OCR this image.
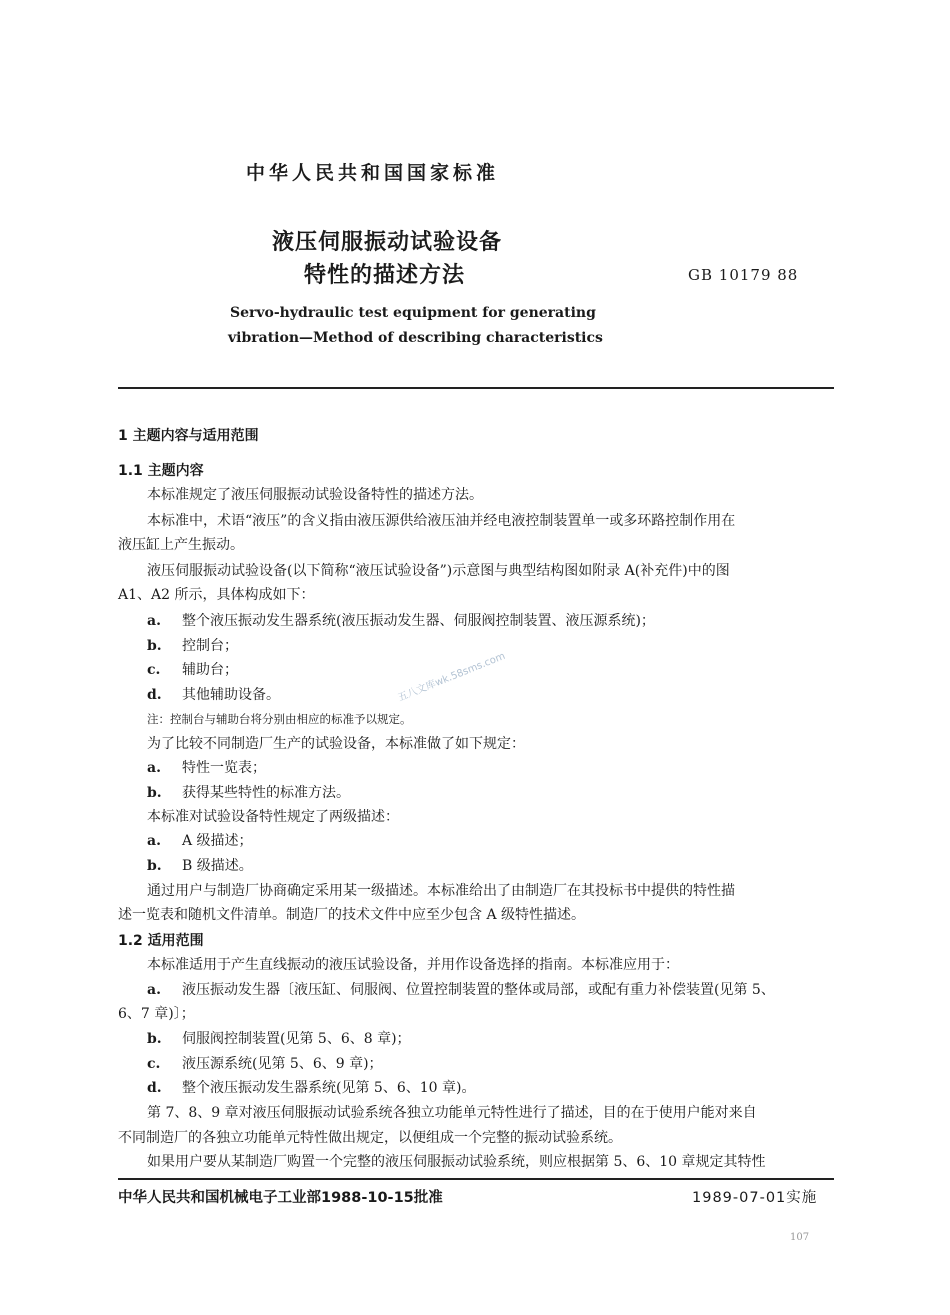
中华人民共和国国家标准
液压伺服振动试验设备
特性的描述方法	GB 10179 88
Servo-hydraulic test equipment for generating
vibration—Method of describing characteristics
1 主题内容与适用范围
1.1 主题内容
本标准规定了液压伺服振动试验设备特性的描述方法。
本标准中，术语“液压”的含义指由液压源供给液压油并经电液控制装置单一或多环路控制作用在
液压缸上产生振动。
液压伺服振动试验设备(以下简称“液压试验设备”)示意图与典型结构图如附录 A(补充件)中的图
A1、A2 所示，具体构成如下：
a. 整个液压振动发生器系统(液压振动发生器、伺服阀控制装置、液压源系统)；
b. 控制台；
c. 辅助台；
d. 其他辅助设备。
注：控制台与辅助台将分别由相应的标准予以规定。
为了比较不同制造厂生产的试验设备，本标准做了如下规定：
a. 特性一览表；
b. 获得某些特性的标准方法。
本标准对试验设备特性规定了两级描述：
a. A 级描述；
b. B 级描述。
通过用户与制造厂协商确定采用某一级描述。本标准给出了由制造厂在其投标书中提供的特性描
述一览表和随机文件清单。制造厂的技术文件中应至少包含 A 级特性描述。
1.2 适用范围
本标准适用于产生直线振动的液压试验设备，并用作设备选择的指南。本标准应用于：
a. 液压振动发生器〔液压缸、伺服阀、位置控制装置的整体或局部，或配有重力补偿装置(见第 5、
6、7 章)〕；
b. 伺服阀控制装置(见第 5、6、8 章)；
c. 液压源系统(见第 5、6、9 章)；
d. 整个液压振动发生器系统(见第 5、6、10 章)。
第 7、8、9 章对液压伺服振动试验系统各独立功能单元特性进行了描述，目的在于使用户能对来自
不同制造厂的各独立功能单元特性做出规定，以便组成一个完整的振动试验系统。
如果用户要从某制造厂购置一个完整的液压伺服振动试验系统，则应根据第 5、6、10 章规定其特性
中华人民共和国机械电子工业部1988-10-15批准	1989-07-01实施
107
五八文库wk.58sms.com
